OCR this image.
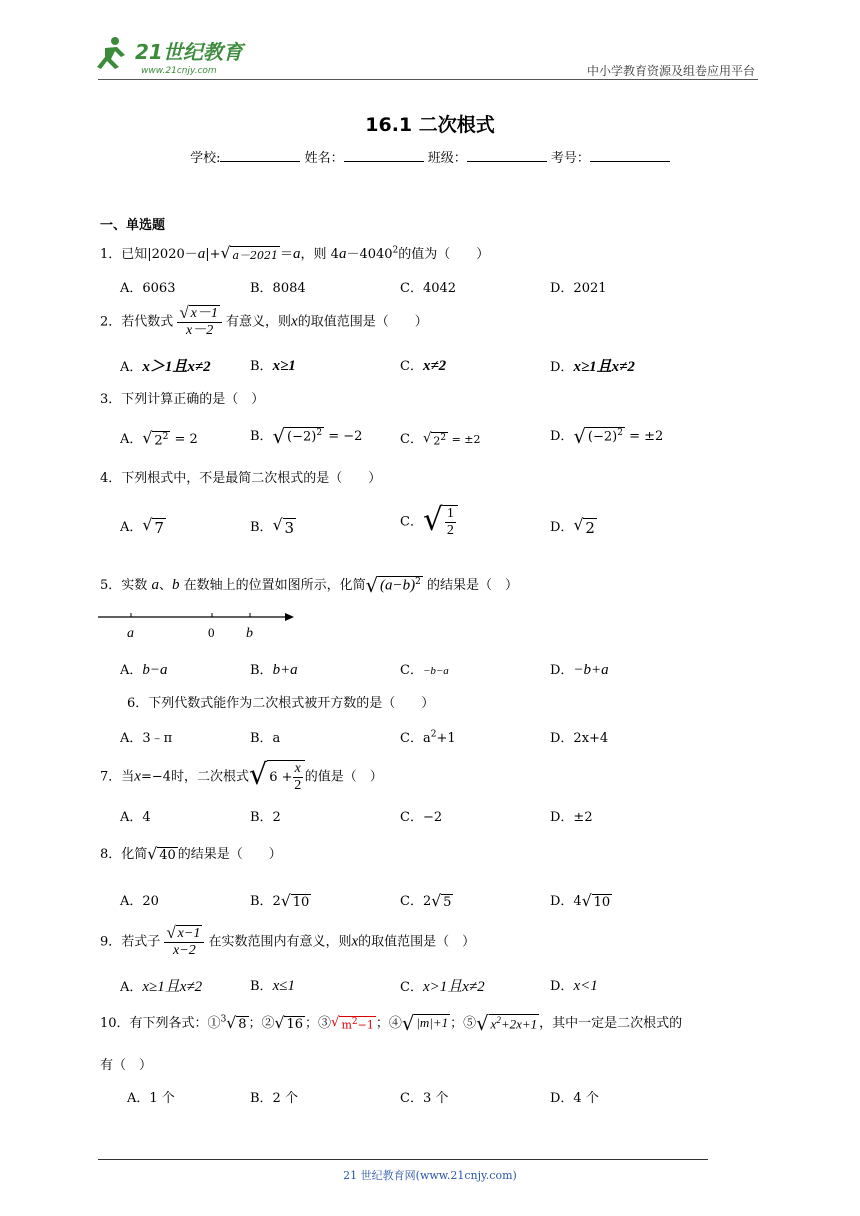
21世纪教育
www.21cnjy.com	中小学教育资源及组卷应用平台
16.1 二次根式
学校:	姓名：	班级：	考号：
一、单选题
1．已知|2020－a|+ √ a－2021 ＝a，则 $4a-4040^2$的值为（　　）
A．6063	B．8084	C．4042	D．2021
2．若代数式 $\frac{√ x-1}{x-2}$ 有意义，则x的取值范围是（　　）
A．x＞1且x≠2	B．x≥1	C．x≠2	D．x≥1且x≠2
3．下列计算正确的是（　）
A． √ $2^2 = 2$	B． √ $(-2)^2 = -2$	C． √ $2^2 = \pm 2$	D． √ $(-2)^2 = \pm 2$
4．下列根式中，不是最简二次根式的是（　　）
A． √ 7	B． √ 3	C． √ $\frac{1}{2}$	D． √ 2
5．实数 a、b 在数轴上的位置如图所示，化简 √ $(a-b)^2$ 的结果是（　）
a	0 b
A．b−a	B．b+a	C．−b−a	D．−b+a
6．下列代数式能作为二次根式被开方数的是（　　）
A．3﹣π	B．a	C．$a^2+1$	D．2x+4
7．当x=−4时，二次根式 √ $6 + \frac{x}{2}$ 的值是（　）
A．4	B．2	C．−2	D．±2
8．化简 √ 40 的结果是（　　）
A．20	B．2 √ 10	C．2 √ 5	D．4 √ 10
9．若式子 $\frac{√ x-1}{x-2}$ 在实数范围内有意义，则x的取值范围是（　）
A．x≥1且x≠2	B．x≤1	C．x>1且x≠2	D．x<1
10．有下列各式：①$^3$ √ 8 ；② √ 16 ；③ √ $m^2-1$ ；④ √ |m|+1 ；⑤ √ $x^2+2x+1$ ，其中一定是二次根式的
有（　）
A．1 个	B．2 个	C．3 个	D．4 个
21 世纪教育网(www.21cnjy.com)
